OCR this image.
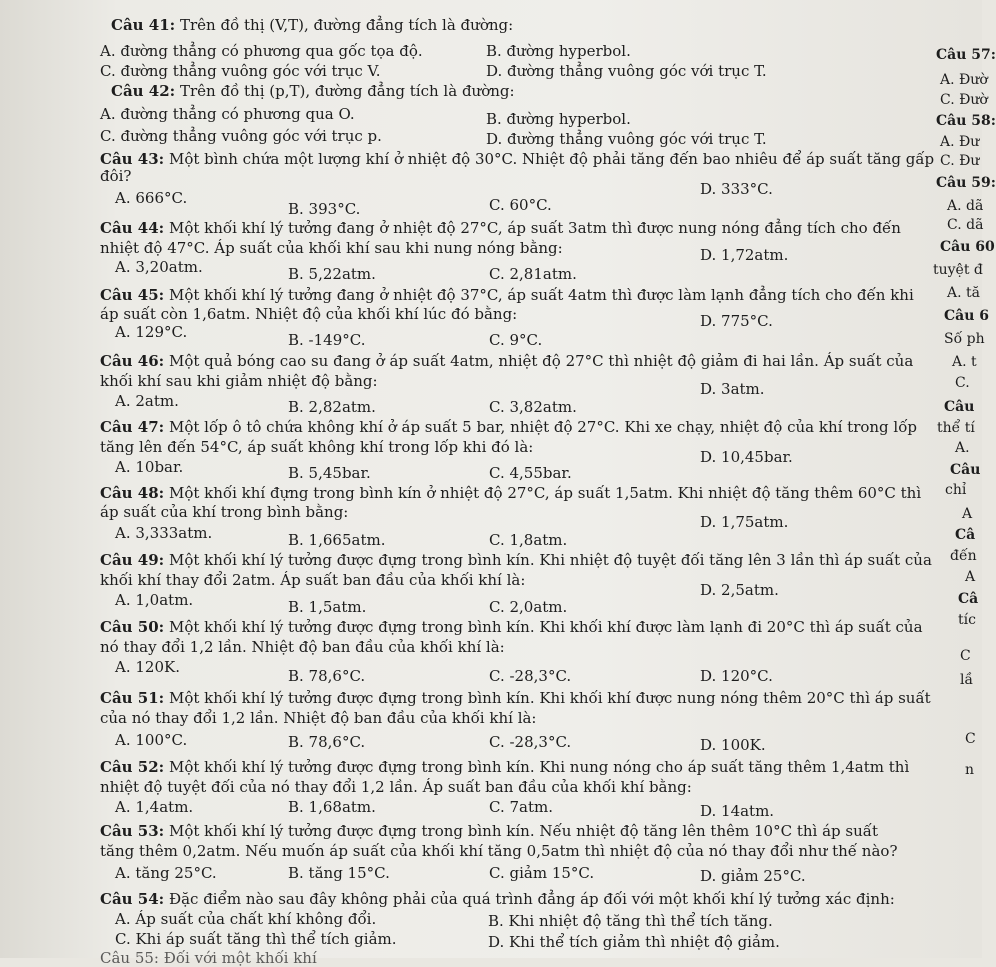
Câu 41: Trên đồ thị (V,T), đường đẳng tích là đường:
A. đường thẳng có phương qua gốc tọa độ.	B. đường hyperbol.
C. đường thẳng vuông góc với trục V.	D. đường thẳng vuông góc với trục T.
Câu 42: Trên đồ thị (p,T), đường đẳng tích là đường:
A. đường thẳng có phương qua O.	B. đường hyperbol.
C. đường thẳng vuông góc với trục p.	D. đường thẳng vuông góc với trục T.
Câu 43: Một bình chứa một lượng khí ở nhiệt độ 30°C. Nhiệt độ phải tăng đến bao nhiêu để áp suất tăng gấp
đôi?
A. 666°C.
B. 393°C.	C. 60°C.
D. 333°C.
Câu 44: Một khối khí lý tưởng đang ở nhiệt độ 27°C, áp suất 3atm thì được nung nóng đẳng tích cho đến
nhiệt độ 47°C. Áp suất của khối khí sau khi nung nóng bằng:
A. 3,20atm.	B. 5,22atm.	C. 2,81atm.
D. 1,72atm.
Câu 45: Một khối khí lý tưởng đang ở nhiệt độ 37°C, áp suất 4atm thì được làm lạnh đẳng tích cho đến khi
áp suất còn 1,6atm. Nhiệt độ của khối khí lúc đó bằng:
A. 129°C.	B. -149°C.	C. 9°C.
D. 775°C.
Câu 46: Một quả bóng cao su đang ở áp suất 4atm, nhiệt độ 27°C thì nhiệt độ giảm đi hai lần. Áp suất của
khối khí sau khi giảm nhiệt độ bằng:
A. 2atm.	B. 2,82atm.	C. 3,82atm.
D. 3atm.
Câu 47: Một lốp ô tô chứa không khí ở áp suất 5 bar, nhiệt độ 27°C. Khi xe chạy, nhiệt độ của khí trong lốp
tăng lên đến 54°C, áp suất không khí trong lốp khi đó là:
A. 10bar.	B. 5,45bar.	C. 4,55bar.
D. 10,45bar.
Câu 48: Một khối khí đựng trong bình kín ở nhiệt độ 27°C, áp suất 1,5atm. Khi nhiệt độ tăng thêm 60°C thì
áp suất của khí trong bình bằng:
A. 3,333atm.	B. 1,665atm.	C. 1,8atm.
D. 1,75atm.
Câu 49: Một khối khí lý tưởng được đựng trong bình kín. Khi nhiệt độ tuyệt đối tăng lên 3 lần thì áp suất của
khối khí thay đổi 2atm. Áp suất ban đầu của khối khí là:
A. 1,0atm.	B. 1,5atm.	C. 2,0atm.
D. 2,5atm.
Câu 50: Một khối khí lý tưởng được đựng trong bình kín. Khi khối khí được làm lạnh đi 20°C thì áp suất của
nó thay đổi 1,2 lần. Nhiệt độ ban đầu của khối khí là:
A. 120K.	B. 78,6°C.	C. -28,3°C.	D. 120°C.
Câu 51: Một khối khí lý tưởng được đựng trong bình kín. Khi khối khí được nung nóng thêm 20°C thì áp suất
của nó thay đổi 1,2 lần. Nhiệt độ ban đầu của khối khí là:
A. 100°C.	B. 78,6°C.	C. -28,3°C.	D. 100K.
Câu 52: Một khối khí lý tưởng được đựng trong bình kín. Khi nung nóng cho áp suất tăng thêm 1,4atm thì
nhiệt độ tuyệt đối của nó thay đổi 1,2 lần. Áp suất ban đầu của khối khí bằng:
A. 1,4atm.	B. 1,68atm.	C. 7atm.	D. 14atm.
Câu 53: Một khối khí lý tưởng được đựng trong bình kín. Nếu nhiệt độ tăng lên thêm 10°C thì áp suất
tăng thêm 0,2atm. Nếu muốn áp suất của khối khí tăng 0,5atm thì nhiệt độ của nó thay đổi như thế nào?
A. tăng 25°C.	B. tăng 15°C.	C. giảm 15°C.	D. giảm 25°C.
Câu 54: Đặc điểm nào sau đây không phải của quá trình đẳng áp đối với một khối khí lý tưởng xác định:
A. Áp suất của chất khí không đổi.	B. Khi nhiệt độ tăng thì thể tích tăng.
C. Khi áp suất tăng thì thể tích giảm.	D. Khi thể tích giảm thì nhiệt độ giảm.
Câu 55: Đối với một khối khí
Câu 57:
A. Đườ
C. Đườ
Câu 58:
A. Đư
C. Đư
Câu 59:
A. dã
C. dã
Câu 60
tuyệt đ
A. tă
Câu 6
Số ph
A. t
C.
Câu
thể tí
A.
Câu
chỉ
A
Câ
đến
A
Câ
tíc
C
lầ
C
n
